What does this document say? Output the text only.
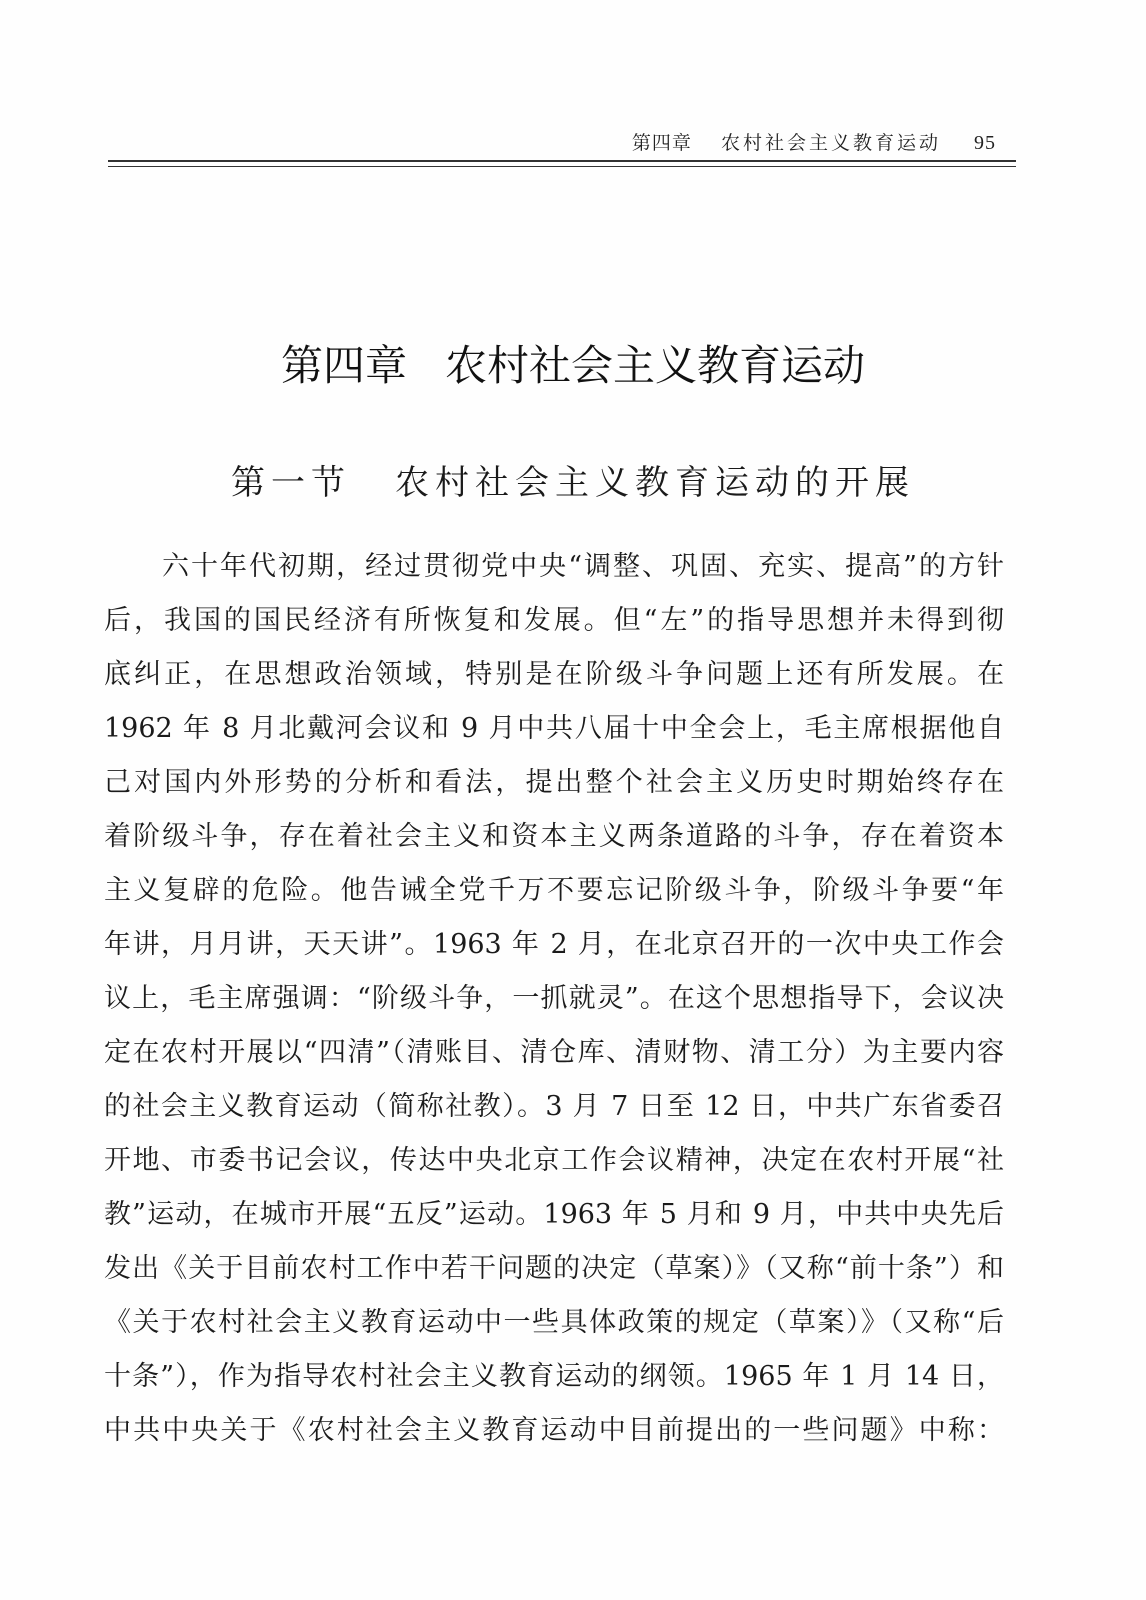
第四章 农村社会主义教育运动 95
第四章 农村社会主义教育运动
第一节 农村社会主义教育运动的开展
六十年代初期，经过贯彻党中央“调整、巩固、充实、提高”的方针
后，我国的国民经济有所恢复和发展。但“左”的指导思想并未得到彻
底纠正，在思想政治领域，特别是在阶级斗争问题上还有所发展。在
1962 年 8 月北戴河会议和 9 月中共八届十中全会上，毛主席根据他自
己对国内外形势的分析和看法，提出整个社会主义历史时期始终存在
着阶级斗争，存在着社会主义和资本主义两条道路的斗争，存在着资本
主义复辟的危险。他告诫全党千万不要忘记阶级斗争，阶级斗争要“年
年讲，月月讲，天天讲”。1963 年 2 月，在北京召开的一次中央工作会
议上，毛主席强调：“阶级斗争，一抓就灵”。在这个思想指导下，会议决
定在农村开展以“四清”（清账目、清仓库、清财物、清工分）为主要内容
的社会主义教育运动（简称社教）。3 月 7 日至 12 日，中共广东省委召
开地、市委书记会议，传达中央北京工作会议精神，决定在农村开展“社
教”运动，在城市开展“五反”运动。1963 年 5 月和 9 月，中共中央先后
发出《关于目前农村工作中若干问题的决定（草案）》（又称“前十条”）和
《关于农村社会主义教育运动中一些具体政策的规定（草案）》（又称“后
十条”），作为指导农村社会主义教育运动的纲领。1965 年 1 月 14 日，
中共中央关于《农村社会主义教育运动中目前提出的一些问题》中称：
